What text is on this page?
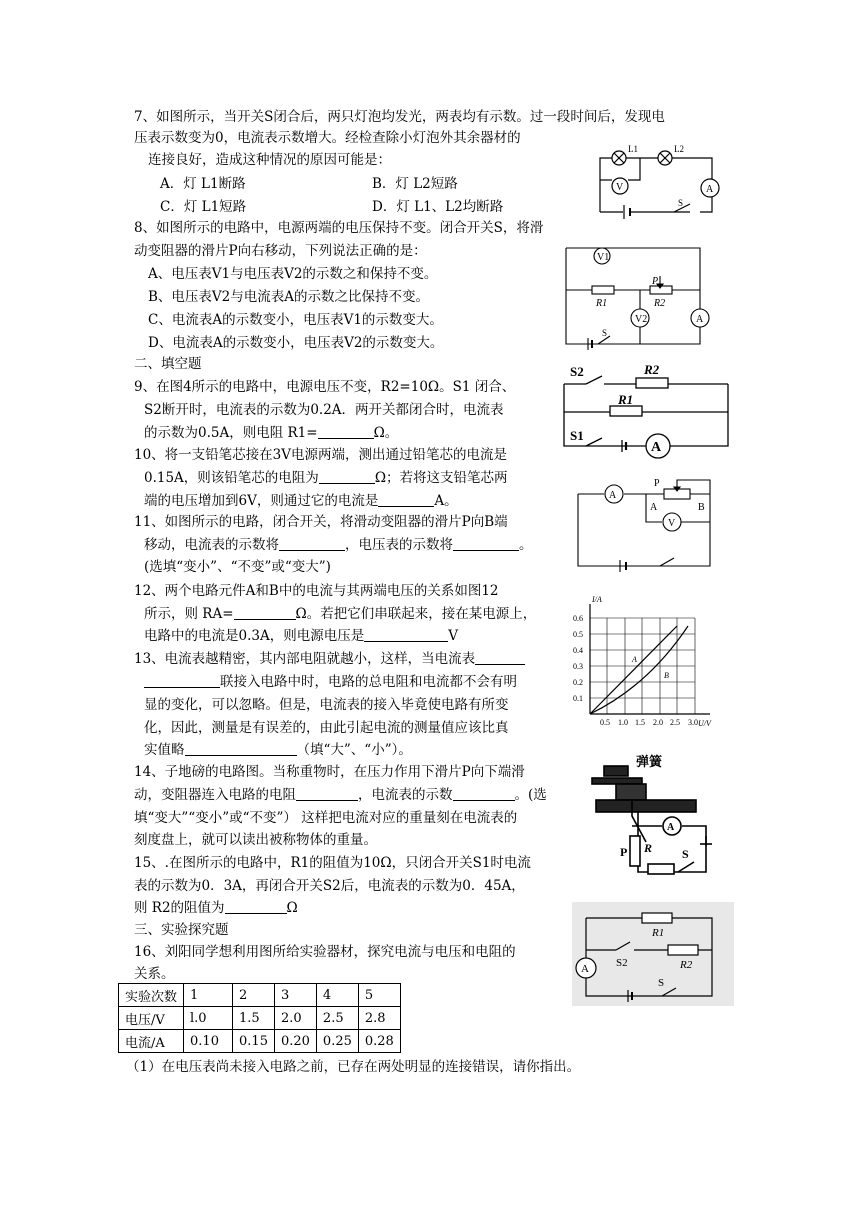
7、如图所示，当开关S闭合后，两只灯泡均发光，两表均有示数。过一段时间后，发现电
压表示数变为0，电流表示数增大。经检查除小灯泡外其余器材的
连接良好，造成这种情况的原因可能是：
A．灯 L1断路	B．灯 L2短路
C．灯 L1短路	D．灯 L1、L2均断路
V	A
L1	L2
S
8、如图所示的电路中，电源两端的电压保持不变。闭合开关S，将滑
动变阻器的滑片P向右移动，下列说法正确的是：
A、电压表V1与电压表V2的示数之和保持不变。
B、电压表V2与电流表A的示数之比保持不变。
C、电流表A的示数变小，电压表V1的示数变大。
D、电流表A的示数变小，电压表V2的示数变大。
V1
V2	A
P
R1	R2
S
二、填空题
9、在图4所示的电路中，电源电压不变，R2=10Ω。S1 闭合、
S2断开时，电流表的示数为0.2A．两开关都闭合时，电流表
的示数为0.5A，则电阻 R1=	Ω。
S2	R2
R1
S1
A
10、将一支铅笔芯接在3V电源两端，测出通过铅笔芯的电流是
0.15A，则该铅笔芯的电阻为	Ω；若将这支铅笔芯两
端的电压增加到6V，则通过它的电流是	A。	A
V
P
A	B
11、如图所示的电路，闭合开关，将滑动变阻器的滑片P向B端
移动，电流表的示数将	，电压表的示数将	。
(选填“变小”、“不变”或“变大”)
12、两个电路元件A和B中的电流与其两端电压的关系如图12
所示，则 RA=	Ω。若把它们串联起来，接在某电源上，
电路中的电流是0.3A，则电源电压是	V
I/A
U/V
0.6
0.5
0.4
0.3
0.2
0.1
0.5 1.0 1.5 2.0 2.5 3.0
A
B
13、电流表越精密，其内部电阻就越小，这样，当电流表
联接入电路中时，电路的总电阻和电流都不会有明
显的变化，可以忽略。但是，电流表的接入毕竟使电路有所变
化，因此，测量是有误差的，由此引起电流的测量值应该比真
实值略	（填“大”、“小”）。
弹簧
A
P R S
14、子地磅的电路图。当称重物时，在压力作用下滑片P向下端滑
动，变阻器连入电路的电阻	，电流表的示数	。(选
填“变大”“变小”或“不变”） 这样把电流对应的重量刻在电流表的
刻度盘上，就可以读出被称物体的重量。
15、.在图所示的电路中，R1的阻值为10Ω，只闭合开关S1时电流
表的示数为0．3A，再闭合开关S2后，电流表的示数为0．45A，
则 R2的阻值为	Ω
R1
R2
S2
S
A
三、实验探究题
16、刘阳同学想利用图所给实验器材，探究电流与电压和电阻的
关系。
实验次数	1	2	3	4	5
电压/V	l.0	1.5	2.0	2.5	2.8
电流/A	0.10	0.15	0.20	0.25	0.28
（1）在电压表尚未接入电路之前，已存在两处明显的连接错误，请你指出。
